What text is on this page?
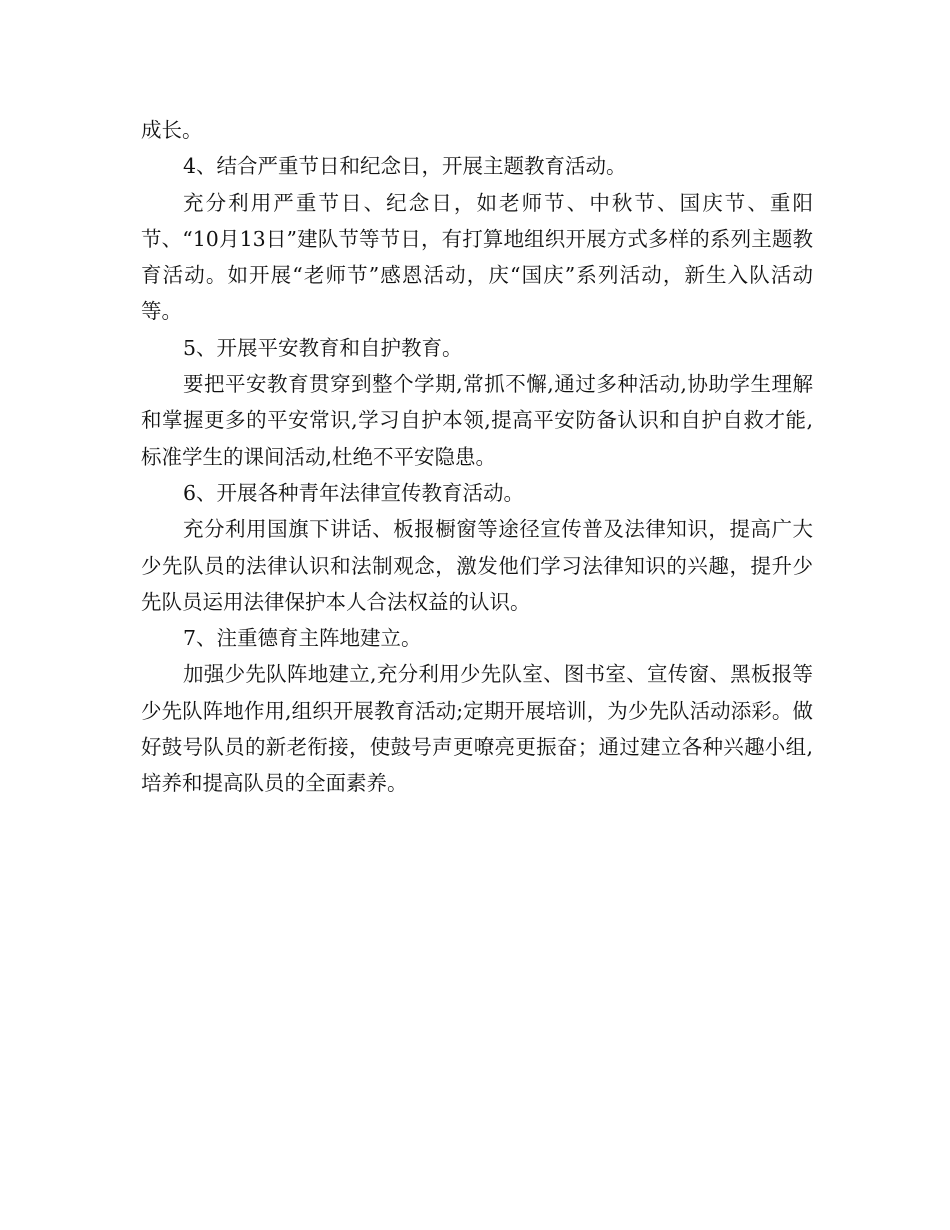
成长。

4、结合严重节日和纪念日，开展主题教育活动。

充分利用严重节日、纪念日，如老师节、中秋节、国庆节、重阳节、“10月13日”建队节等节日，有打算地组织开展方式多样的系列主题教育活动。如开展“老师节”感恩活动，庆“国庆”系列活动，新生入队活动等。

5、开展平安教育和自护教育。

要把平安教育贯穿到整个学期,常抓不懈,通过多种活动,协助学生理解和掌握更多的平安常识,学习自护本领,提高平安防备认识和自护自救才能,标准学生的课间活动,杜绝不平安隐患。

6、开展各种青年法律宣传教育活动。

充分利用国旗下讲话、板报橱窗等途径宣传普及法律知识，提高广大少先队员的法律认识和法制观念，激发他们学习法律知识的兴趣，提升少先队员运用法律保护本人合法权益的认识。

7、注重德育主阵地建立。

加强少先队阵地建立,充分利用少先队室、图书室、宣传窗、黑板报等少先队阵地作用,组织开展教育活动;定期开展培训，为少先队活动添彩。做好鼓号队员的新老衔接，使鼓号声更嘹亮更振奋；通过建立各种兴趣小组,培养和提高队员的全面素养。
